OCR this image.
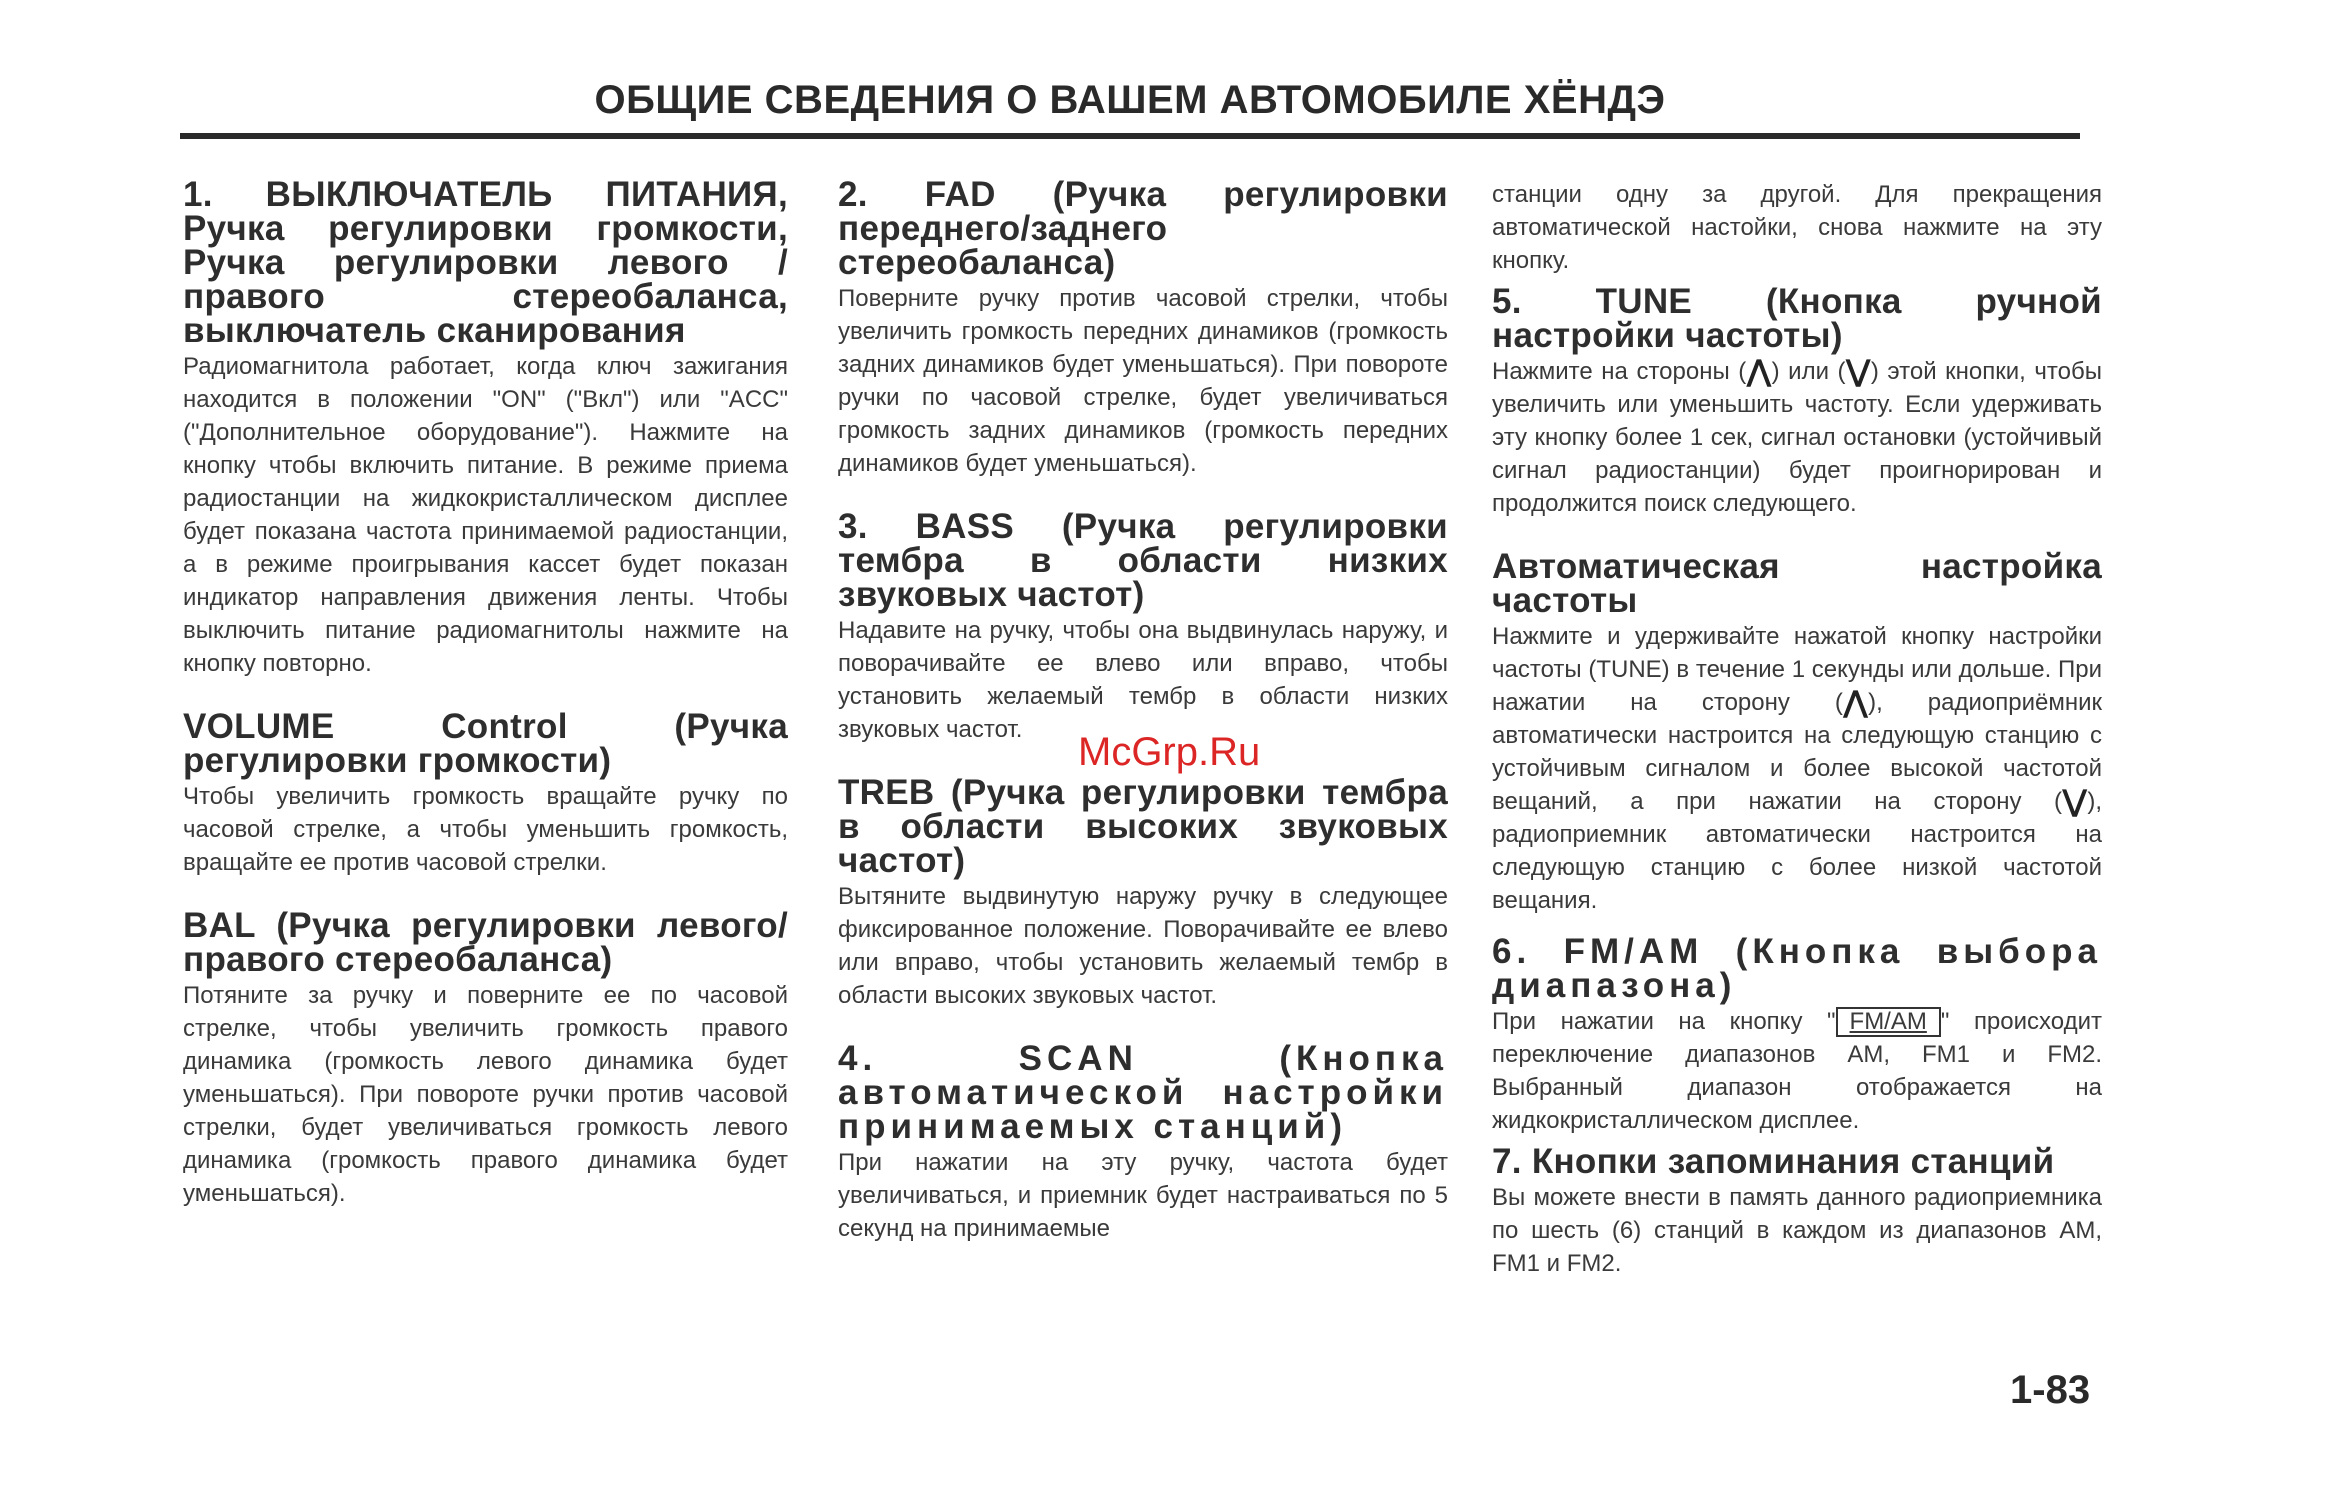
ОБЩИЕ СВЕДЕНИЯ О ВАШЕМ АВТОМОБИЛЕ ХЁНДЭ
1. ВЫКЛЮЧАТЕЛЬ ПИТАНИЯ, Ручка регулировки громкости, Ручка регулировки левого / правого стереобаланса, выключатель сканирования

Радиомагнитола работает, когда ключ зажигания находится в положении "ON" ("Вкл") или "ACC" ("Дополнительное оборудование"). Нажмите на кнопку чтобы включить питание. В режиме приема радиостанции на жидкокристаллическом дисплее будет показана частота принимаемой радиостанции, а в режиме проигрывания кассет будет показан индикатор направления движения ленты. Чтобы выключить питание радиомагнитолы нажмите на кнопку повторно.

VOLUME Control (Ручка регулировки громкости)

Чтобы увеличить громкость вращайте ручку по часовой стрелке, а чтобы уменьшить громкость, вращайте ее против часовой стрелки.

BAL (Ручка регулировки левого/правого стереобаланса)

Потяните за ручку и поверните ее по часовой стрелке, чтобы увеличить громкость правого динамика (громкость левого динамика будет уменьшаться). При повороте ручки против часовой стрелки, будет увеличиваться громкость левого динамика (громкость правого динамика будет уменьшаться).

2. FAD (Ручка регулировки переднего/заднего стереобаланса)

Поверните ручку против часовой стрелки, чтобы увеличить громкость передних динамиков (громкость задних динамиков будет уменьшаться). При повороте ручки по часовой стрелке, будет увеличиваться громкость задних динамиков (громкость передних динамиков будет уменьшаться).

3. BASS (Ручка регулировки тембра в области низких звуковых частот)

Надавите на ручку, чтобы она выдвинулась наружу, и поворачивайте ее влево или вправо, чтобы установить желаемый тембр в области низких звуковых частот.

TREB (Ручка регулировки тембра в области высоких звуковых частот)

Вытяните выдвинутую наружу ручку в следующее фиксированное положение. Поворачивайте ее влево или вправо, чтобы установить желаемый тембр в области высоких звуковых частот.

4. SCAN (Кнопка автоматической настройки принимаемых станций)

При нажатии на эту ручку, частота будет увеличиваться, и приемник будет настраиваться по 5 секунд на принимаемые

станции одну за другой. Для прекращения автоматической настойки, снова нажмите на эту кнопку.

5. TUNE (Кнопка ручной настройки частоты)

Нажмите на стороны (⋀) или (⋁) этой кнопки, чтобы увеличить или уменьшить частоту. Если удерживать эту кнопку более 1 сек, сигнал остановки (устойчивый сигнал радиостанции) будет проигнорирован и продолжится поиск следующего.

Автоматическая настройка частоты

Нажмите и удерживайте нажатой кнопку настройки частоты (TUNE) в течение 1 секунды или дольше. При нажатии на сторону (⋀), радиоприёмник автоматически настроится на следующую станцию с устойчивым сигналом и более высокой частотой вещаний, а при нажатии на сторону (⋁), радиоприемник автоматически настроится на следующую станцию с более низкой частотой вещания.

6. FM/AM (Кнопка выбора диапазона)

При нажатии на кнопку " FM/AM " происходит переключение диапазонов AM, FM1 и FM2. Выбранный диапазон отображается на жидкокристаллическом дисплее.

7. Кнопки запоминания станций

Вы можете внести в память данного радиоприемника по шесть (6) станций в каждом из диапазонов AM, FM1 и FM2.

McGrp.Ru
1-83
